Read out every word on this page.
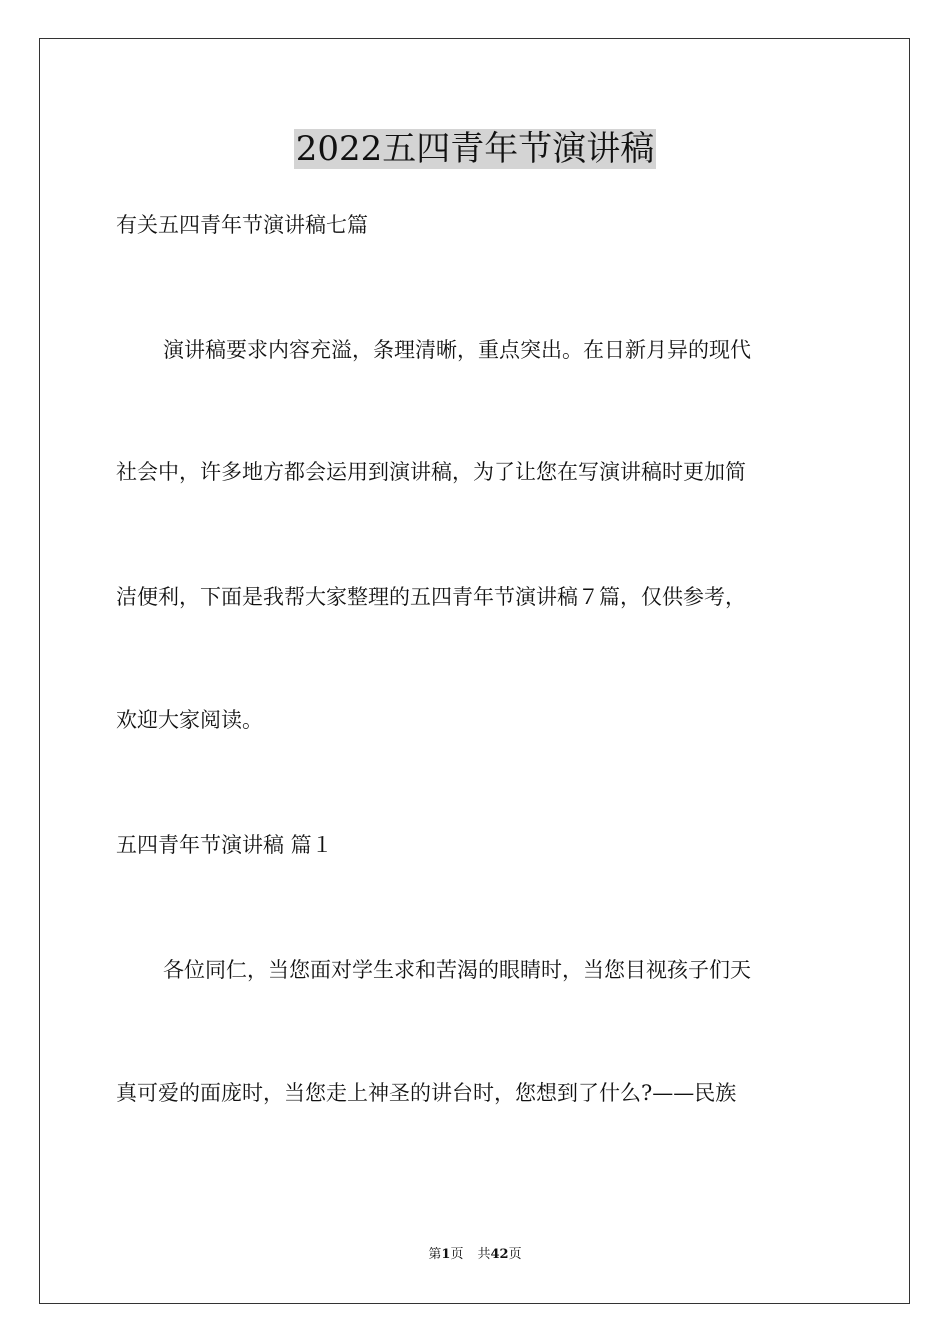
2022五四青年节演讲稿

有关五四青年节演讲稿七篇

演讲稿要求内容充溢，条理清晰，重点突出。在日新月异的现代

社会中，许多地方都会运用到演讲稿，为了让您在写演讲稿时更加简

洁便利，下面是我帮大家整理的五四青年节演讲稿７篇，仅供参考，

欢迎大家阅读。

五四青年节演讲稿 篇１

各位同仁，当您面对学生求和苦渴的眼睛时，当您目视孩子们天

真可爱的面庞时，当您走上神圣的讲台时，您想到了什么?——民族

第1页 共42页
